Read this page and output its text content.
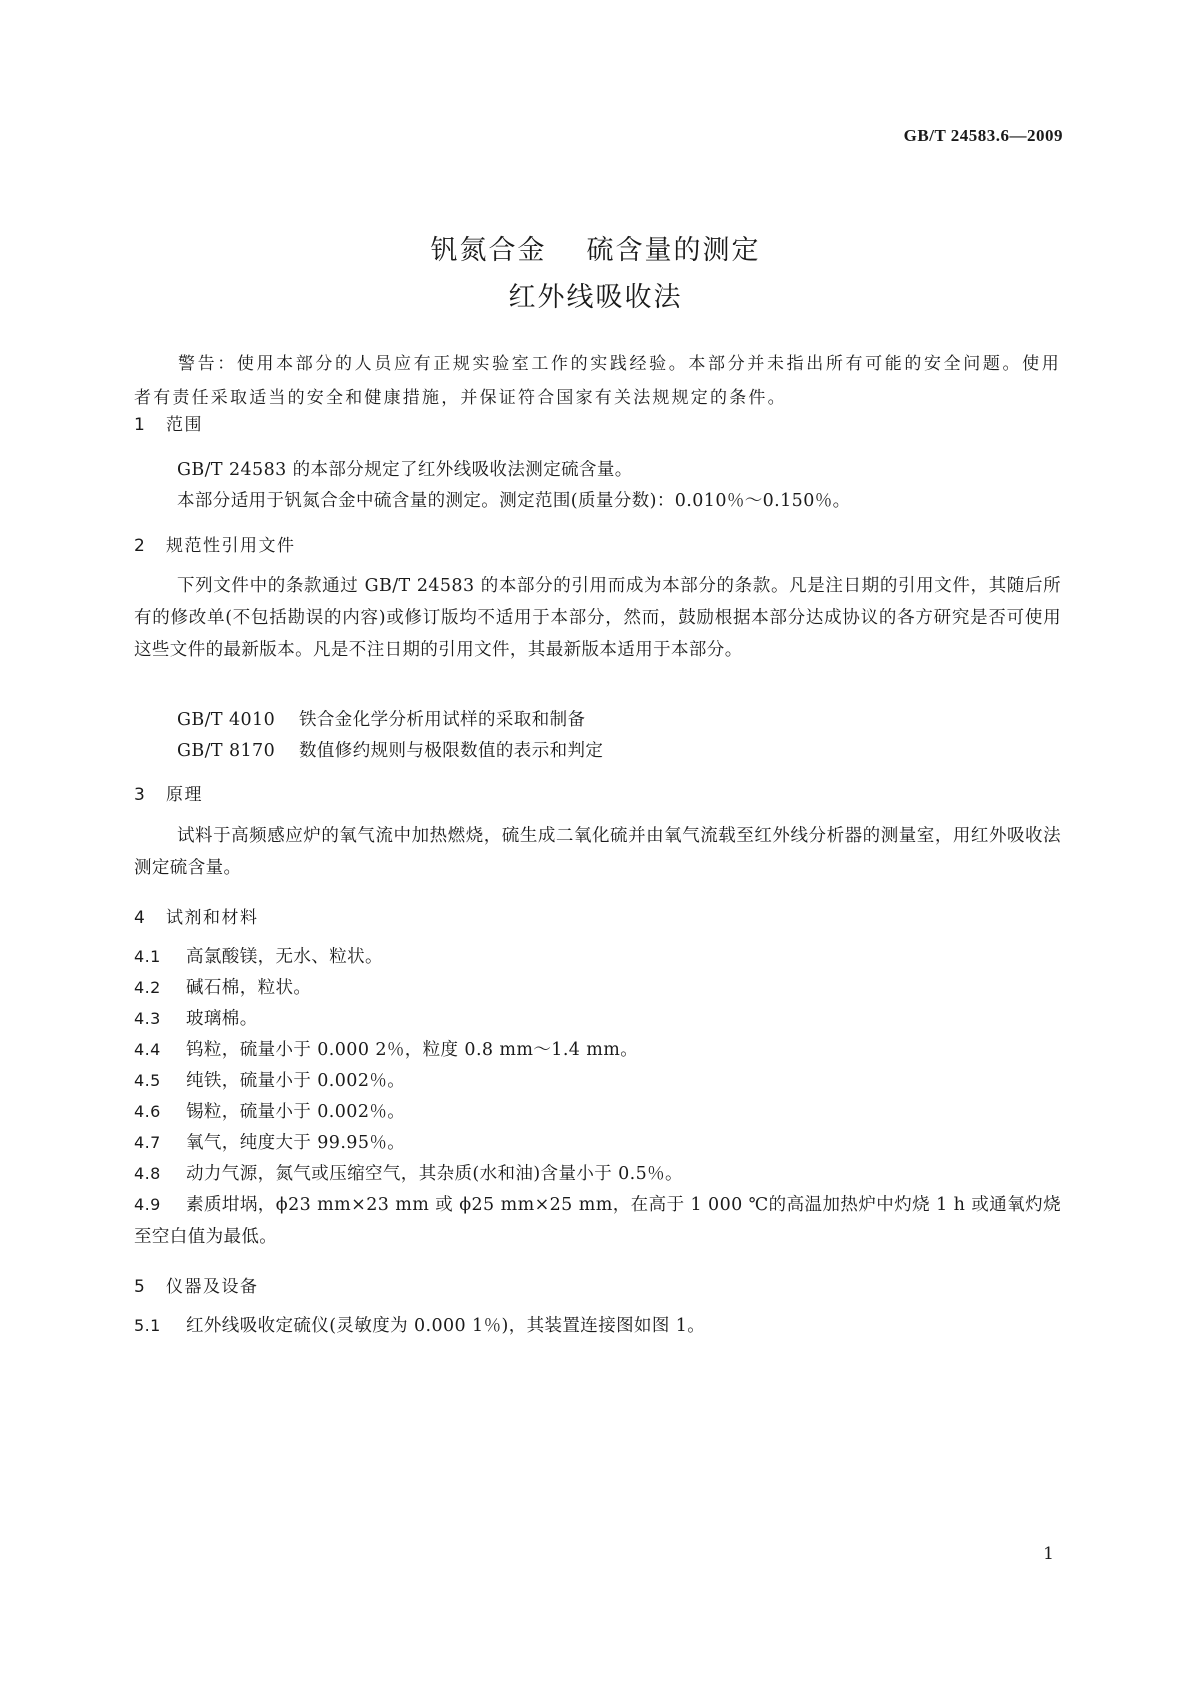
GB/T 24583.6—2009
钒氮合金 硫含量的测定
红外线吸收法
警告：使用本部分的人员应有正规实验室工作的实践经验。本部分并未指出所有可能的安全问题。使用者有责任采取适当的安全和健康措施，并保证符合国家有关法规规定的条件。
1 范围
GB/T 24583 的本部分规定了红外线吸收法测定硫含量。
本部分适用于钒氮合金中硫含量的测定。测定范围(质量分数)：0.010％～0.150％。
2 规范性引用文件
下列文件中的条款通过 GB/T 24583 的本部分的引用而成为本部分的条款。凡是注日期的引用文件，其随后所有的修改单(不包括勘误的内容)或修订版均不适用于本部分，然而，鼓励根据本部分达成协议的各方研究是否可使用这些文件的最新版本。凡是不注日期的引用文件，其最新版本适用于本部分。
GB/T 4010 铁合金化学分析用试样的采取和制备
GB/T 8170 数值修约规则与极限数值的表示和判定
3 原理
试料于高频感应炉的氧气流中加热燃烧，硫生成二氧化硫并由氧气流载至红外线分析器的测量室，用红外吸收法测定硫含量。
4 试剂和材料
4.1 高氯酸镁，无水、粒状。
4.2 碱石棉，粒状。
4.3 玻璃棉。
4.4 钨粒，硫量小于 0.000 2％，粒度 0.8 mm～1.4 mm。
4.5 纯铁，硫量小于 0.002％。
4.6 锡粒，硫量小于 0.002％。
4.7 氧气，纯度大于 99.95％。
4.8 动力气源，氮气或压缩空气，其杂质(水和油)含量小于 0.5％。
4.9 素质坩埚，ϕ23 mm×23 mm 或 ϕ25 mm×25 mm，在高于 1 000 ℃的高温加热炉中灼烧 1 h 或通氧灼烧至空白值为最低。
5 仪器及设备
5.1 红外线吸收定硫仪(灵敏度为 0.000 1％)，其装置连接图如图 1。
1
